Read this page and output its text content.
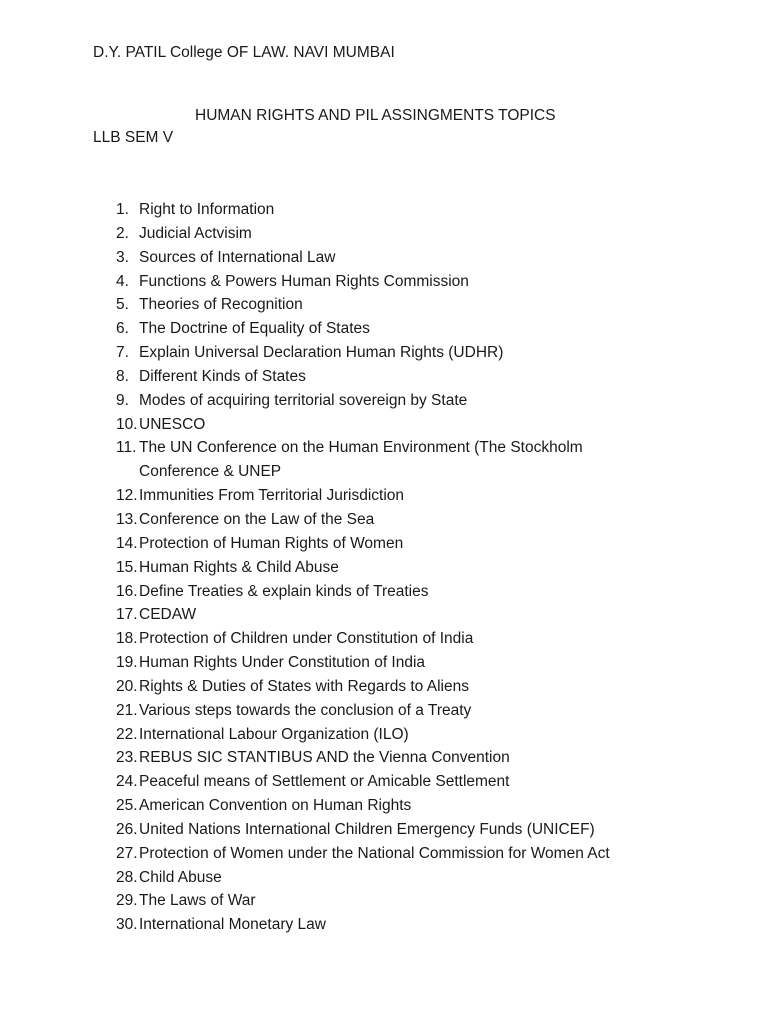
D.Y. PATIL College OF LAW. NAVI MUMBAI
HUMAN RIGHTS AND PIL ASSINGMENTS TOPICS
LLB SEM V
1. Right to Information
2. Judicial Actvisim
3. Sources of International Law
4. Functions & Powers Human Rights Commission
5. Theories of Recognition
6. The Doctrine of Equality of States
7. Explain Universal Declaration Human Rights (UDHR)
8. Different Kinds of States
9. Modes of acquiring territorial sovereign by State
10. UNESCO
11. The UN Conference on the Human Environment (The Stockholm Conference & UNEP
12. Immunities From Territorial Jurisdiction
13. Conference on the Law of the Sea
14. Protection of Human Rights of Women
15. Human Rights & Child Abuse
16. Define Treaties & explain kinds of Treaties
17. CEDAW
18. Protection of Children under Constitution of India
19. Human Rights Under Constitution of India
20. Rights & Duties of States with Regards to Aliens
21. Various steps towards the conclusion of a Treaty
22. International Labour Organization (ILO)
23. REBUS SIC STANTIBUS AND the Vienna Convention
24. Peaceful means of Settlement or Amicable Settlement
25. American Convention on Human Rights
26. United Nations International Children Emergency Funds (UNICEF)
27. Protection of Women under the National Commission for Women Act
28. Child Abuse
29. The Laws of War
30. International Monetary Law
